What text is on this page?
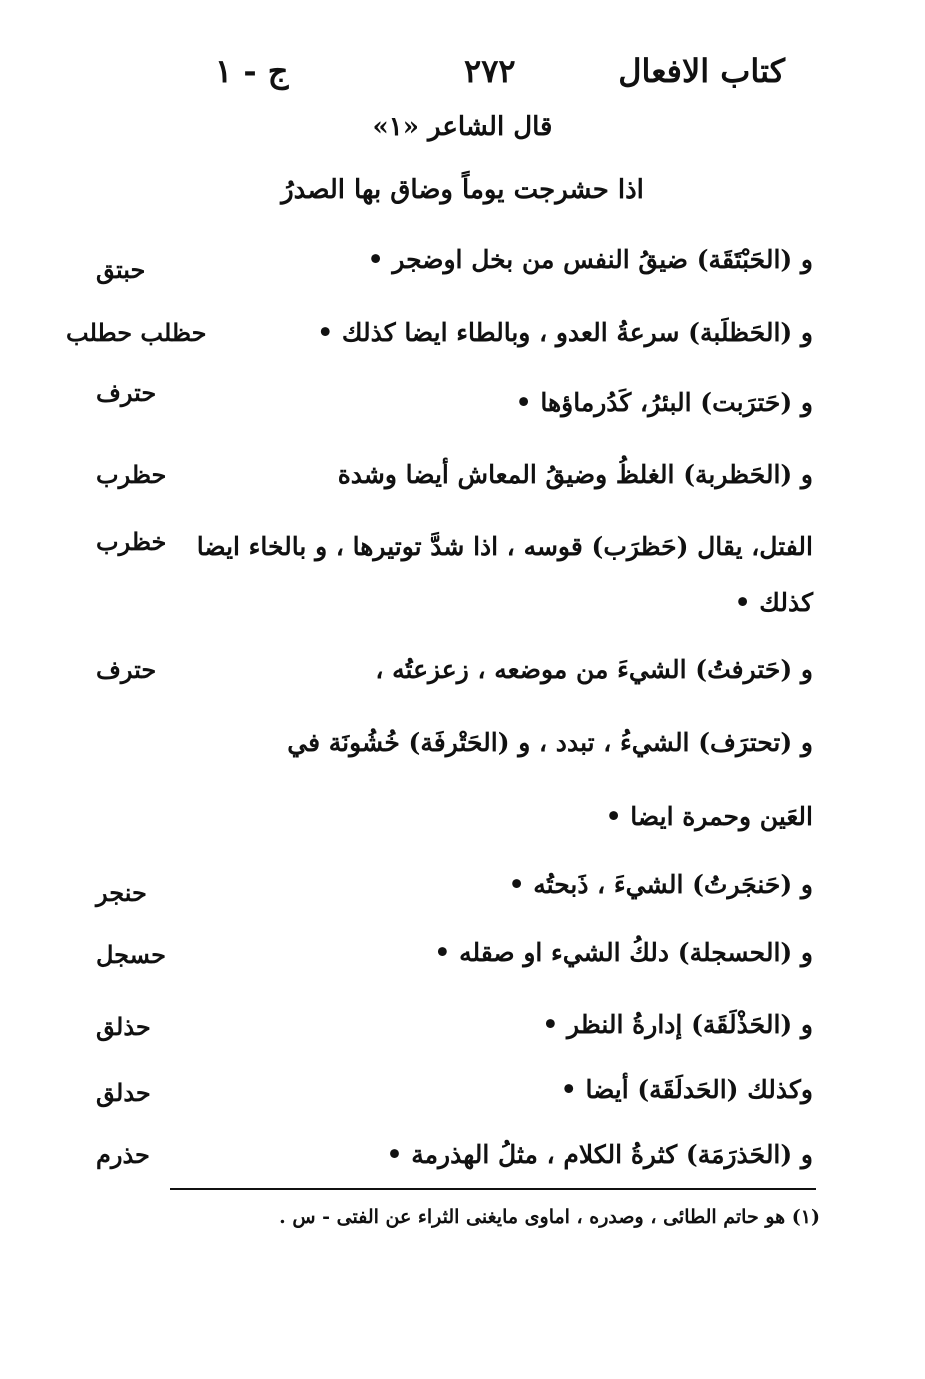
كتاب الافعال
٢٧٢
ج - ١
قال الشاعر «١»
اذا حشرجت يوماً وضاق بها الصدرُ
و (الحَبْتَقَة) ضيقُ النفس من بخل اوضجر •
حبتق
و (الحَظلَبة) سرعةُ العدو ، وبالطاء ايضا كذلك •
حظلب حطلب
و (حَترَبت) البئرُ، كَدُرماؤها •
حترف
و (الحَظربة) الغلظُ وضيقُ المعاش أيضا وشدة
حظرب
الفتل، يقال (حَظرَب) قوسه ، اذا شدَّ توتيرها ، و بالخاء ايضا
خظرب
كذلك •
و (حَترفتُ) الشيءَ من موضعه ، زعزعتُه ،
حترف
و (تحترَف) الشيءُ ، تبدد ، و (الحَتْرفَة) خُشُونَة في
العَين وحمرة ايضا •
و (حَنجَرتُ) الشيءَ ، ذَبحتُه •
حنجر
و (الحسجلة) دلكُ الشيء او صقله •
حسجل
و (الحَذْلَقَة) إدارةُ النظر •
حذلق
وكذلك (الحَدلَقَة) أيضا •
حدلق
و (الحَذرَمَة) كثرةُ الكلام ، مثلُ الهذرمة •
حذرم
(١) هو حاتم الطائى ، وصدره ، اماوى مايغنى الثراء عن الفتى - س .
